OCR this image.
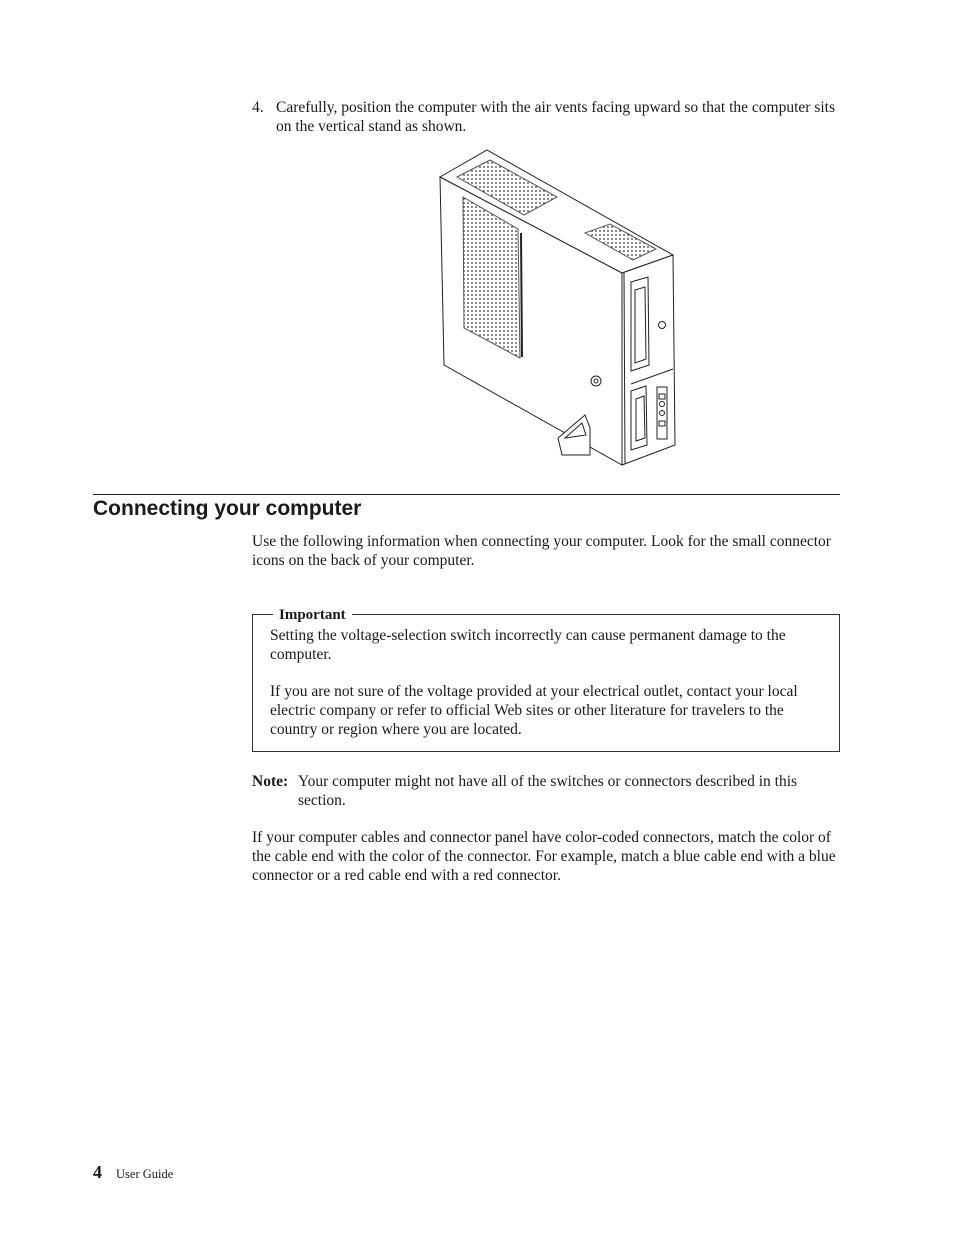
4. Carefully, position the computer with the air vents facing upward so that the computer sits on the vertical stand as shown.
Connecting your computer
Use the following information when connecting your computer. Look for the small connector icons on the back of your computer.
Important
Setting the voltage-selection switch incorrectly can cause permanent damage to the computer.
If you are not sure of the voltage provided at your electrical outlet, contact your local electric company or refer to official Web sites or other literature for travelers to the country or region where you are located.
Note: Your computer might not have all of the switches or connectors described in this section.
If your computer cables and connector panel have color-coded connectors, match the color of the cable end with the color of the connector. For example, match a blue cable end with a blue connector or a red cable end with a red connector.
4 User Guide
